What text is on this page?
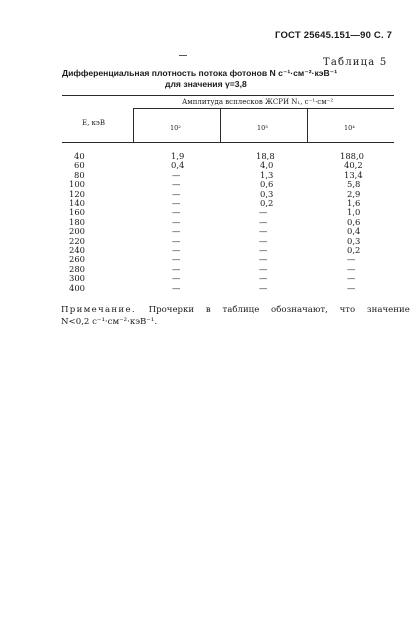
ГОСТ 25645.151—90 С. 7
Таблица 5
Дифференциальная плотность потока фотонов N с⁻¹·см⁻²·кэВ⁻¹
для значения γ=3,8
E, кэВ
Амплитуда всплесков ЖСРИ N₁, с⁻¹·см⁻²
10²	10³	10⁴
40
60
80
100
120
140
160
180
200
220
240
260
280
300
400
1,9
0,4
—
—
—
—
—
—
—
—
—
—
—
—
—
18,8
4,0
1,3
0,6
0,3
0,2
—
—
—
—
—
—
—
—
—
188,0
40,2
13,4
5,8
2,9
1,6
1,0
0,6
0,4
0,3
0,2
—
—
—
—
Примечание. Прочерки в таблице обозначают, что значение
N<0,2 с⁻¹·см⁻²·кэВ⁻¹.
